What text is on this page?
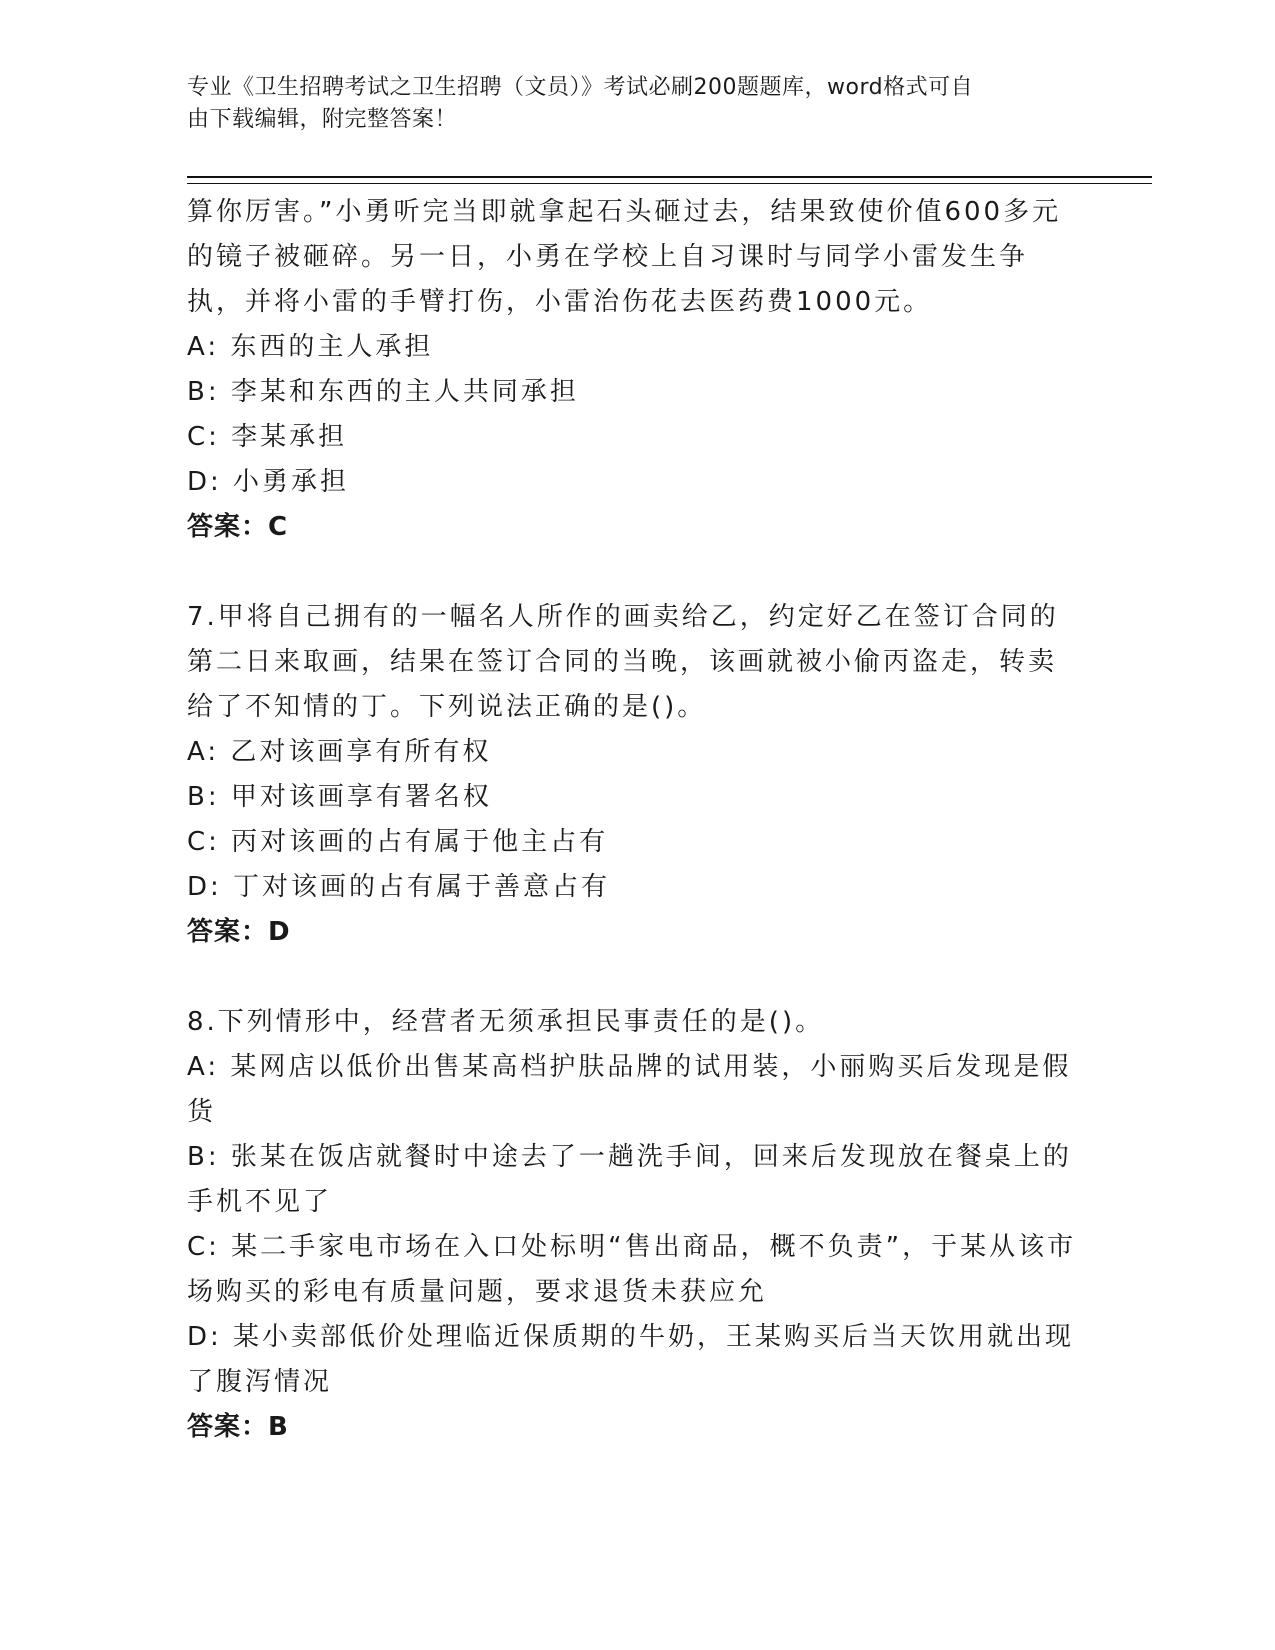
专业《卫生招聘考试之卫生招聘（文员）》考试必刷200题题库，word格式可自
由下载编辑，附完整答案！

算你厉害。”小勇听完当即就拿起石头砸过去，结果致使价值600多元的镜子被砸碎。另一日，小勇在学校上自习课时与同学小雷发生争执，并将小雷的手臂打伤，小雷治伤花去医药费1000元。

A: 东西的主人承担

B: 李某和东西的主人共同承担

C: 李某承担

D: 小勇承担

答案：C

7.甲将自己拥有的一幅名人所作的画卖给乙，约定好乙在签订合同的第二日来取画，结果在签订合同的当晚，该画就被小偷丙盗走，转卖给了不知情的丁。下列说法正确的是()。

A: 乙对该画享有所有权

B: 甲对该画享有署名权

C: 丙对该画的占有属于他主占有

D: 丁对该画的占有属于善意占有

答案：D

8.下列情形中，经营者无须承担民事责任的是()。

A: 某网店以低价出售某高档护肤品牌的试用装，小丽购买后发现是假货

B: 张某在饭店就餐时中途去了一趟洗手间，回来后发现放在餐桌上的手机不见了

C: 某二手家电市场在入口处标明“售出商品，概不负责”，于某从该市场购买的彩电有质量问题，要求退货未获应允

D: 某小卖部低价处理临近保质期的牛奶，王某购买后当天饮用就出现了腹泻情况

答案：B
